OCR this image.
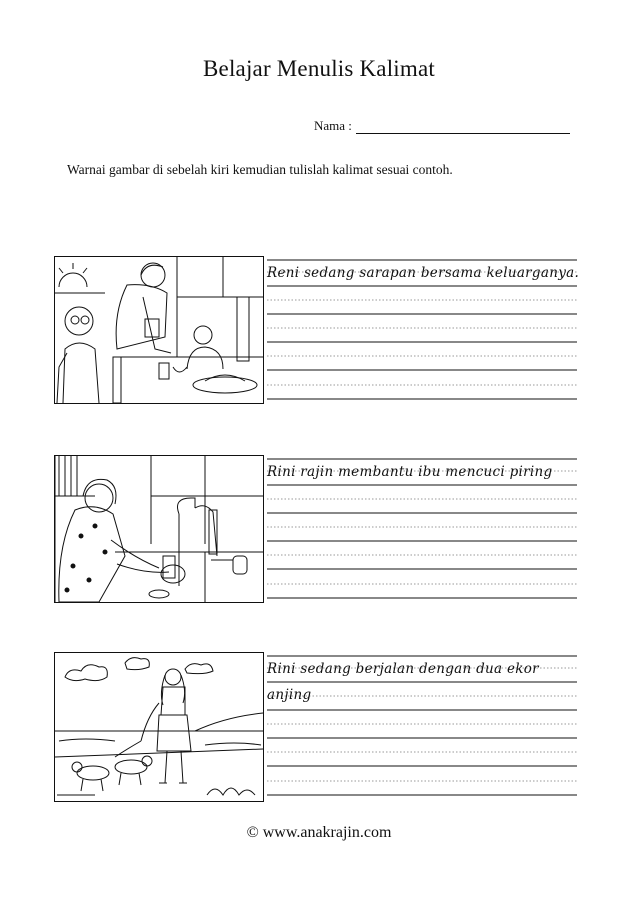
Belajar Menulis Kalimat
Nama :
Warnai gambar di sebelah kiri kemudian tulislah kalimat sesuai contoh.
Reni sedang sarapan bersama keluarganya.
Rini rajin membantu ibu mencuci piring
Rini sedang berjalan dengan dua ekor
anjing
© www.anakrajin.com
